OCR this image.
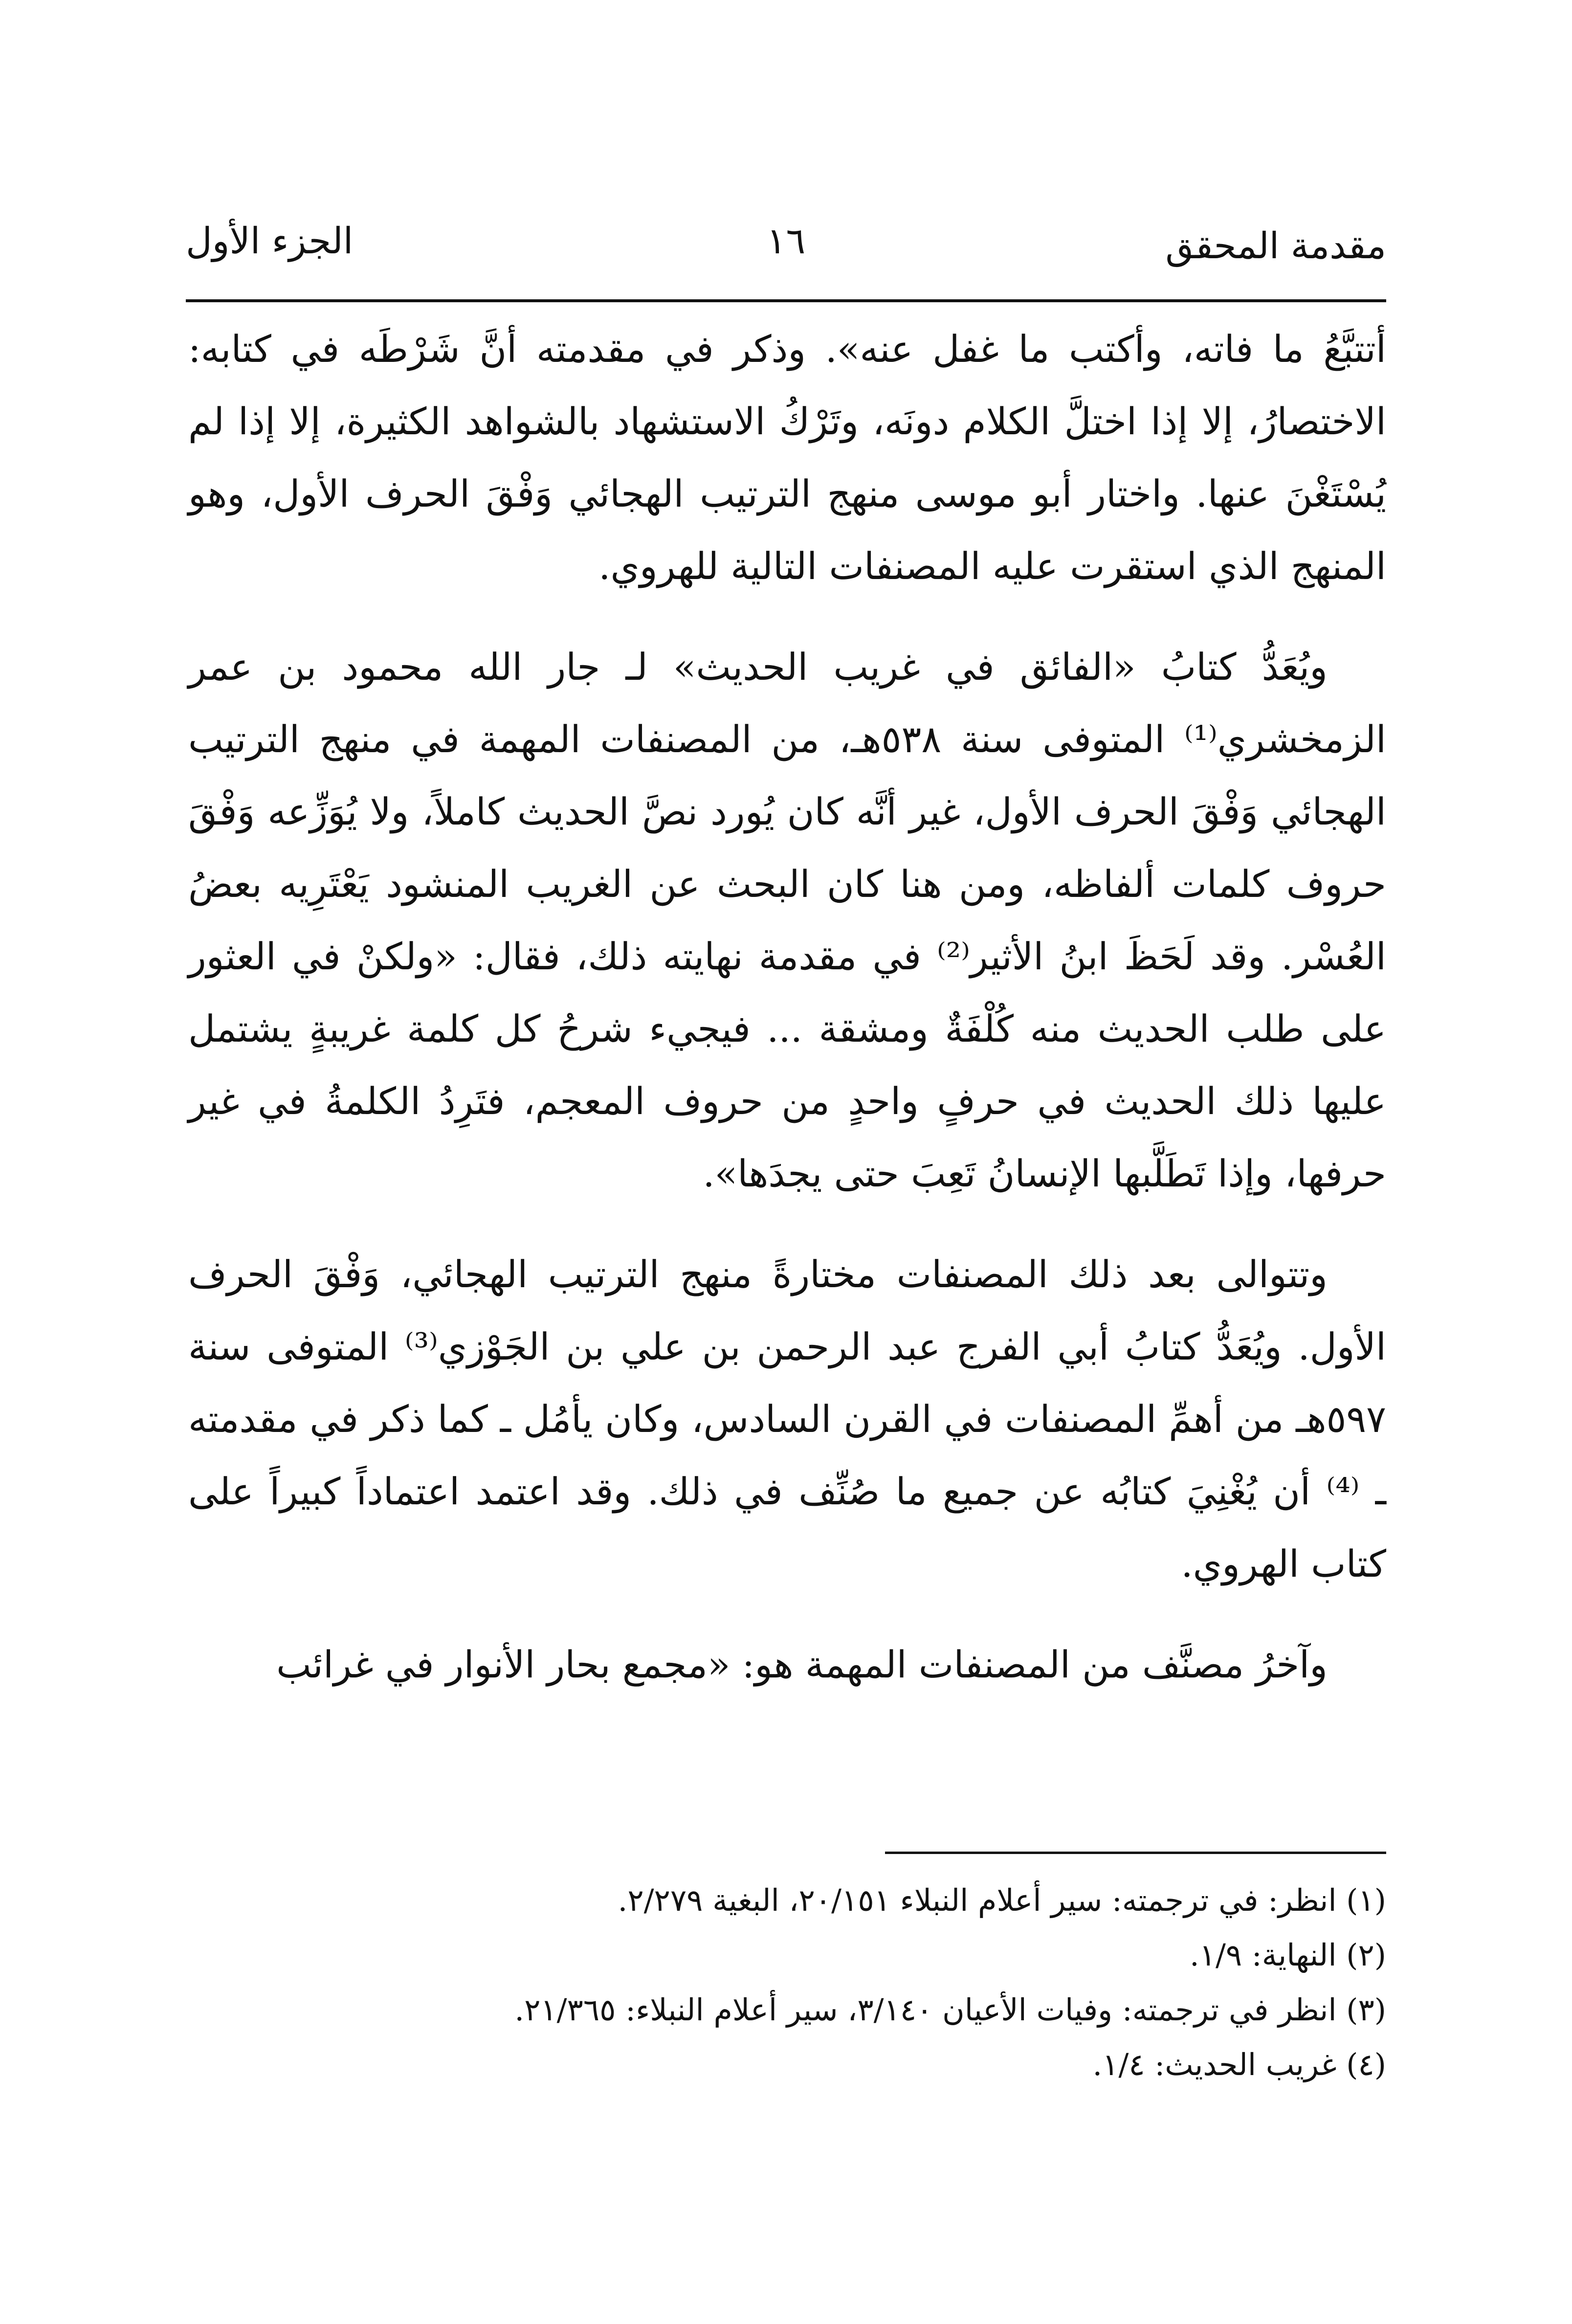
مقدمة المحقق
١٦
الجزء الأول

أتتبَّعُ ما فاته، وأكتب ما غفل عنه». وذكر في مقدمته أنَّ شَرْطَه في كتابه: الاختصارُ، إلا إذا اختلَّ الكلام دونَه، وتَرْكُ الاستشهاد بالشواهد الكثيرة، إلا إذا لم يُسْتَغْنَ عنها. واختار أبو موسى منهج الترتيب الهجائي وَفْقَ الحرف الأول، وهو المنهج الذي استقرت عليه المصنفات التالية للهروي.

ويُعَدُّ كتابُ «الفائق في غريب الحديث» لـ جار الله محمود بن عمر الزمخشري⁽¹⁾ المتوفى سنة ٥٣٨هـ، من المصنفات المهمة في منهج الترتيب الهجائي وَفْقَ الحرف الأول، غير أنَّه كان يُورد نصَّ الحديث كاملاً، ولا يُوَزِّعه وَفْقَ حروف كلمات ألفاظه، ومن هنا كان البحث عن الغريب المنشود يَعْتَرِيه بعضُ العُسْر. وقد لَحَظَ ابنُ الأثير⁽²⁾ في مقدمة نهايته ذلك، فقال: «ولكنْ في العثور على طلب الحديث منه كُلْفَةٌ ومشقة ... فيجيء شرحُ كل كلمة غريبةٍ يشتمل عليها ذلك الحديث في حرفٍ واحدٍ من حروف المعجم، فتَرِدُ الكلمةُ في غير حرفها، وإذا تَطَلَّبها الإنسانُ تَعِبَ حتى يجدَها».

وتتوالى بعد ذلك المصنفات مختارةً منهج الترتيب الهجائي، وَفْقَ الحرف الأول. ويُعَدُّ كتابُ أبي الفرج عبد الرحمن بن علي بن الجَوْزي⁽³⁾ المتوفى سنة ٥٩٧هـ من أهمِّ المصنفات في القرن السادس، وكان يأمُل ـ كما ذكر في مقدمته ـ ⁽⁴⁾ أن يُغْنِيَ كتابُه عن جميع ما صُنِّف في ذلك. وقد اعتمد اعتماداً كبيراً على كتاب الهروي.

وآخرُ مصنَّف من المصنفات المهمة هو: «مجمع بحار الأنوار في غرائب

(١) انظر: في ترجمته: سير أعلام النبلاء ٢٠/١٥١، البغية ٢/٢٧٩.

(٢) النهاية: ١/٩.

(٣) انظر في ترجمته: وفيات الأعيان ٣/١٤٠، سير أعلام النبلاء: ٢١/٣٦٥.

(٤) غريب الحديث: ١/٤.
